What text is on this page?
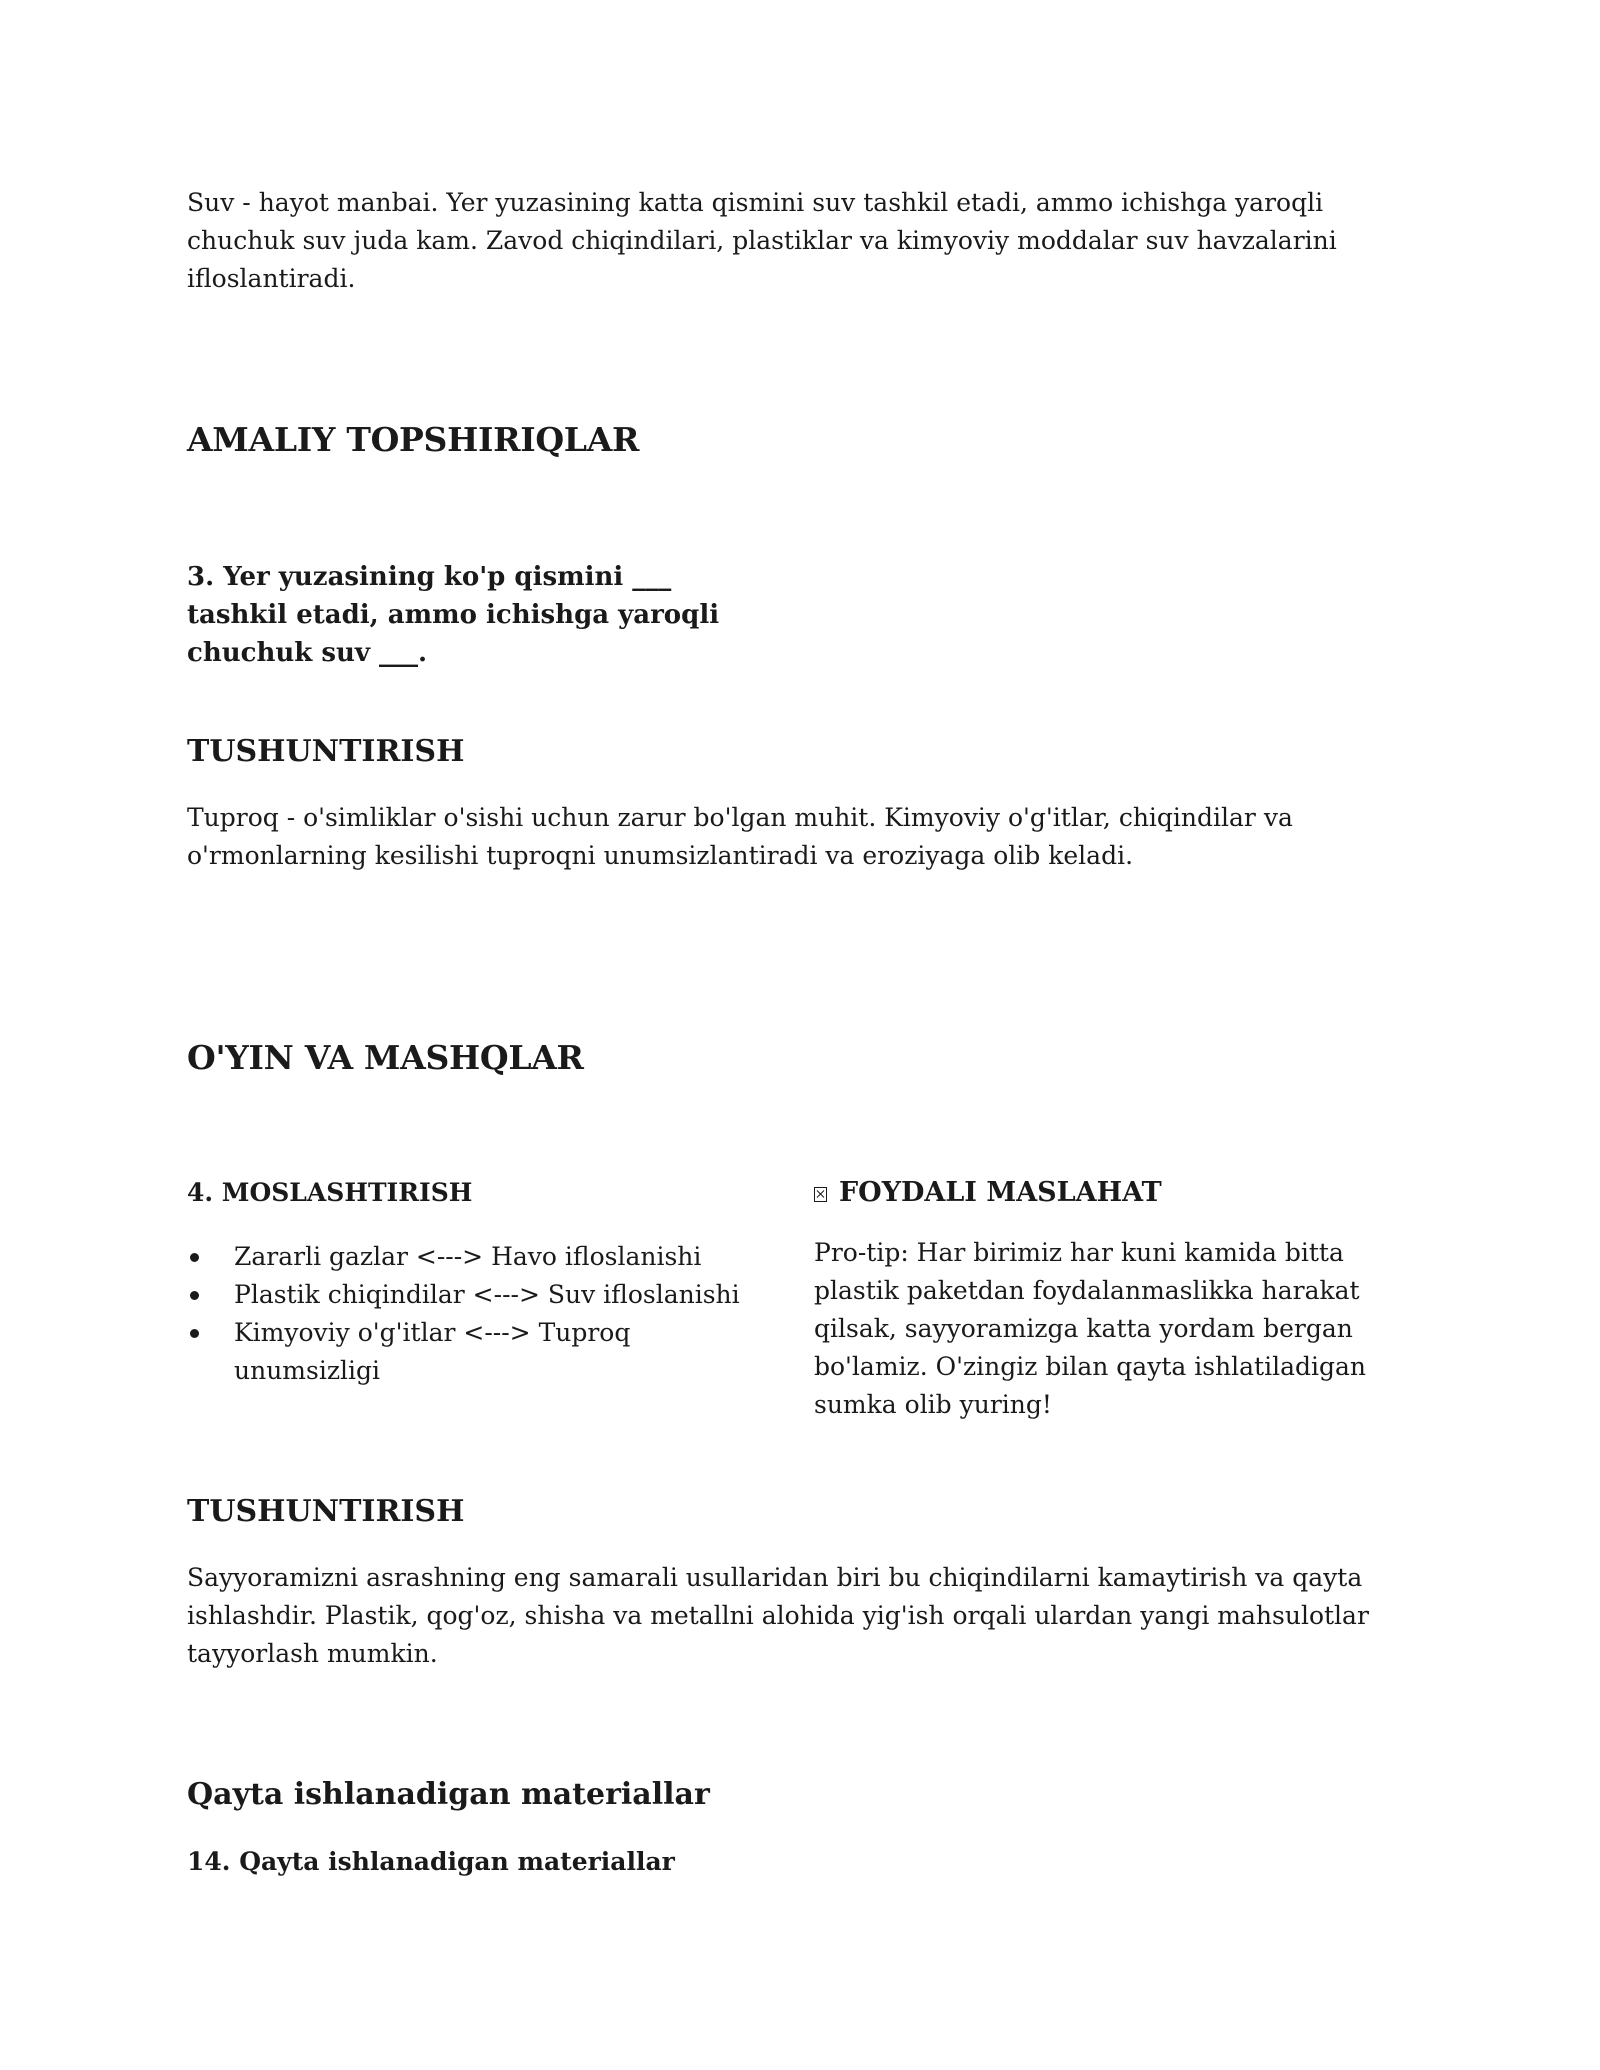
Suv - hayot manbai. Yer yuzasining katta qismini suv tashkil etadi, ammo ichishga yaroqli chuchuk suv juda kam. Zavod chiqindilari, plastiklar va kimyoviy moddalar suv havzalarini ifloslantiradi.

AMALIY TOPSHIRIQLAR

3. Yer yuzasining ko'p qismini ___ tashkil etadi, ammo ichishga yaroqli chuchuk suv ___.

TUSHUNTIRISH

Tuproq - o'simliklar o'sishi uchun zarur bo'lgan muhit. Kimyoviy o'g'itlar, chiqindilar va o'rmonlarning kesilishi tuproqni unumsizlantiradi va eroziyaga olib keladi.

O'YIN VA MASHQLAR
4. MOSLASHTIRISH
Zararli gazlar <---> Havo ifloslanishi
Plastik chiqindilar <---> Suv ifloslanishi
Kimyoviy o'g'itlar <---> Tuproq unumsizligi
FOYDALI MASLAHAT

Pro-tip: Har birimiz har kuni kamida bitta plastik paketdan foydalanmaslikka harakat qilsak, sayyoramizga katta yordam bergan bo'lamiz. O'zingiz bilan qayta ishlatiladigan sumka olib yuring!

TUSHUNTIRISH

Sayyoramizni asrashning eng samarali usullaridan biri bu chiqindilarni kamaytirish va qayta ishlashdir. Plastik, qog'oz, shisha va metallni alohida yig'ish orqali ulardan yangi mahsulotlar tayyorlash mumkin.

Qayta ishlanadigan materiallar
14. Qayta ishlanadigan materiallar
